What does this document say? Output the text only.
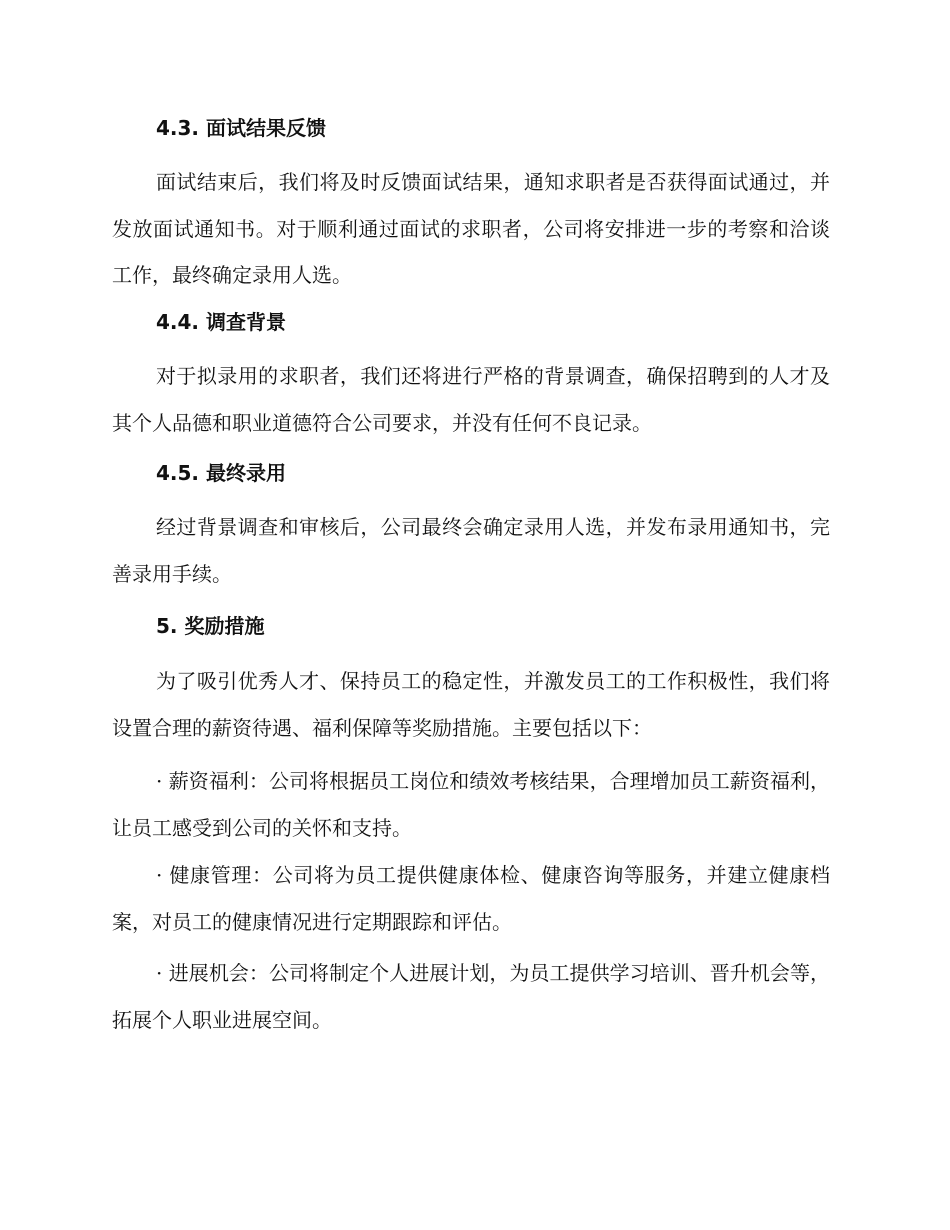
4.3. 面试结果反馈

面试结束后，我们将及时反馈面试结果，通知求职者是否获得面试通过，并发放面试通知书。对于顺利通过面试的求职者，公司将安排进一步的考察和洽谈工作，最终确定录用人选。

4.4. 调查背景

对于拟录用的求职者，我们还将进行严格的背景调查，确保招聘到的人才及其个人品德和职业道德符合公司要求，并没有任何不良记录。

4.5. 最终录用

经过背景调查和审核后，公司最终会确定录用人选，并发布录用通知书，完善录用手续。

5. 奖励措施

为了吸引优秀人才、保持员工的稳定性，并激发员工的工作积极性，我们将设置合理的薪资待遇、福利保障等奖励措施。主要包括以下：

· 薪资福利：公司将根据员工岗位和绩效考核结果，合理增加员工薪资福利，让员工感受到公司的关怀和支持。

· 健康管理：公司将为员工提供健康体检、健康咨询等服务，并建立健康档案，对员工的健康情况进行定期跟踪和评估。

· 进展机会：公司将制定个人进展计划，为员工提供学习培训、晋升机会等，拓展个人职业进展空间。
